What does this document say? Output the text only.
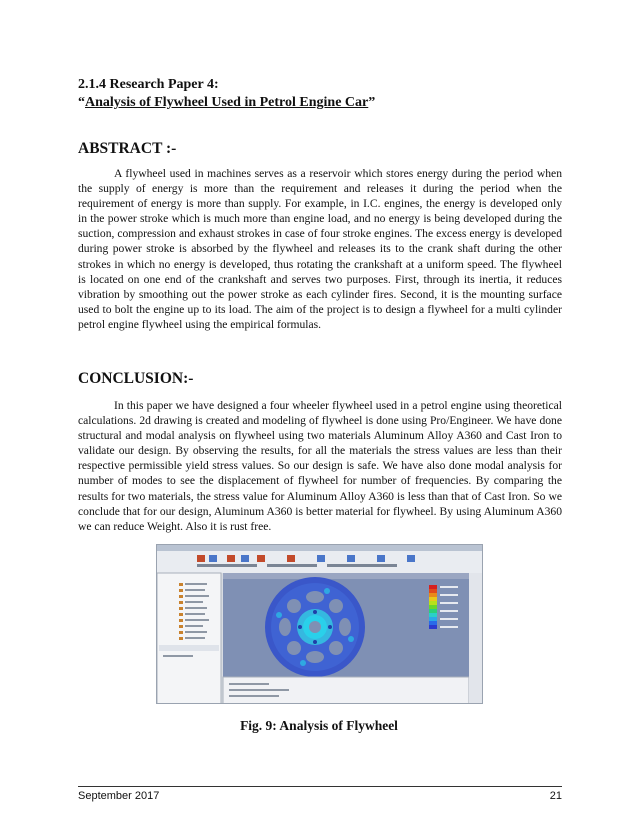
2.1.4 Research Paper 4:
“Analysis of Flywheel Used in Petrol Engine Car”
ABSTRACT :-

A flywheel used in machines serves as a reservoir which stores energy during the period when the supply of energy is more than the requirement and releases it during the period when the requirement of energy is more than supply. For example, in I.C. engines, the energy is developed only in the power stroke which is much more than engine load, and no energy is being developed during the suction, compression and exhaust strokes in case of four stroke engines. The excess energy is developed during power stroke is absorbed by the flywheel and releases its to the crank shaft during the other strokes in which no energy is developed, thus rotating the crankshaft at a uniform speed. The flywheel is located on one end of the crankshaft and serves two purposes. First, through its inertia, it reduces vibration by smoothing out the power stroke as each cylinder fires. Second, it is the mounting surface used to bolt the engine up to its load. The aim of the project is to design a flywheel for a multi cylinder petrol engine flywheel using the empirical formulas.

CONCLUSION:-

In this paper we have designed a four wheeler flywheel used in a petrol engine using theoretical calculations. 2d drawing is created and modeling of flywheel is done using Pro/Engineer. We have done structural and modal analysis on flywheel using two materials Aluminum Alloy A360 and Cast Iron to validate our design. By observing the results, for all the materials the stress values are less than their respective permissible yield stress values. So our design is safe. We have also done modal analysis for number of modes to see the displacement of flywheel for number of frequencies. By comparing the results for two materials, the stress value for Aluminum Alloy A360 is less than that of Cast Iron. So we conclude that for our design, Aluminum A360 is better material for flywheel. By using Aluminum A360 we can reduce Weight. Also it is rust free.

Fig. 9: Analysis of Flywheel
September 2017	21
